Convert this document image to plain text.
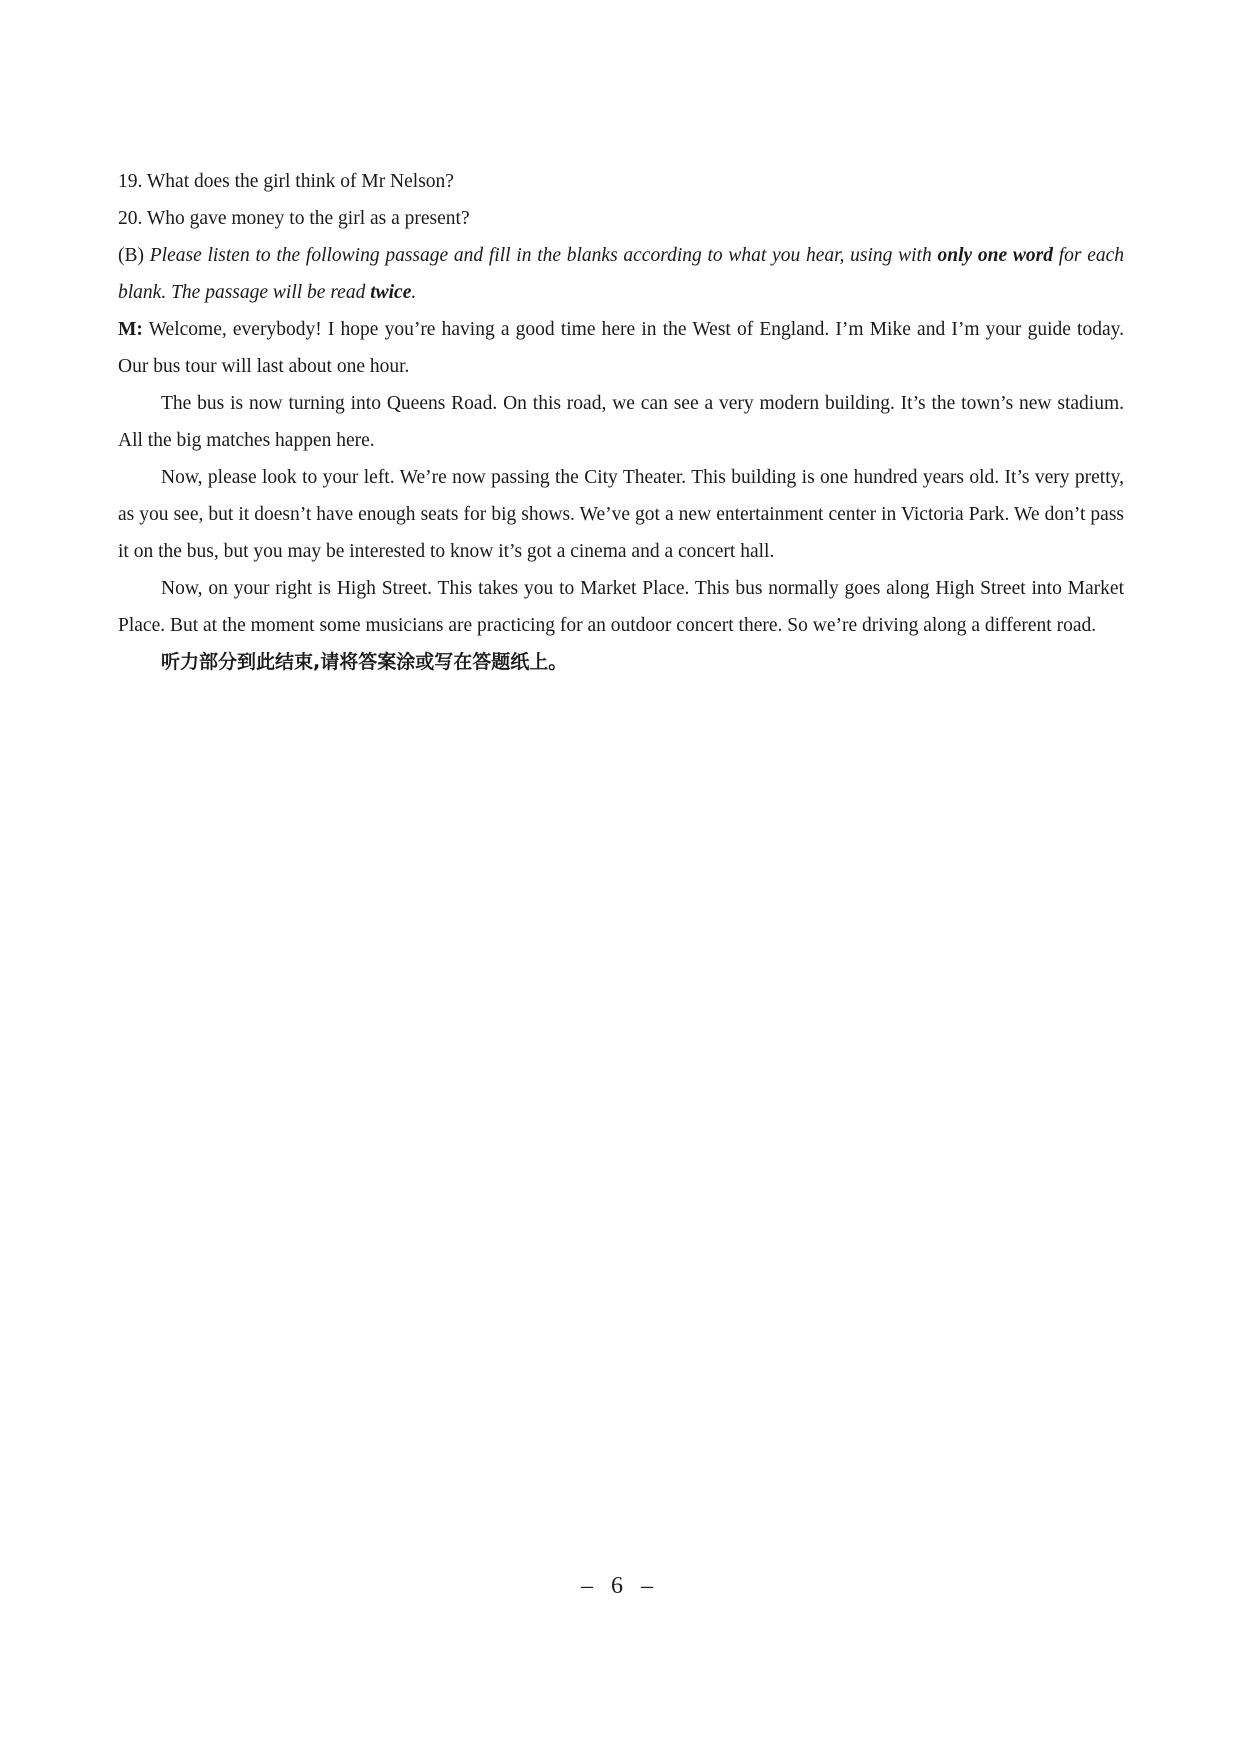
19. What does the girl think of Mr Nelson?

20. Who gave money to the girl as a present?

(B) Please listen to the following passage and fill in the blanks according to what you hear, using with only one word for each blank. The passage will be read twice.

M: Welcome, everybody! I hope you’re having a good time here in the West of England. I’m Mike and I’m your guide today. Our bus tour will last about one hour.

The bus is now turning into Queens Road. On this road, we can see a very modern building. It’s the town’s new stadium. All the big matches happen here.

Now, please look to your left. We’re now passing the City Theater. This building is one hundred years old. It’s very pretty, as you see, but it doesn’t have enough seats for big shows. We’ve got a new entertainment center in Victoria Park. We don’t pass it on the bus, but you may be interested to know it’s got a cinema and a concert hall.

Now, on your right is High Street. This takes you to Market Place. This bus normally goes along High Street into Market Place. But at the moment some musicians are practicing for an outdoor concert there. So we’re driving along a different road.

听力部分到此结束,请将答案涂或写在答题纸上。

– 6 –
